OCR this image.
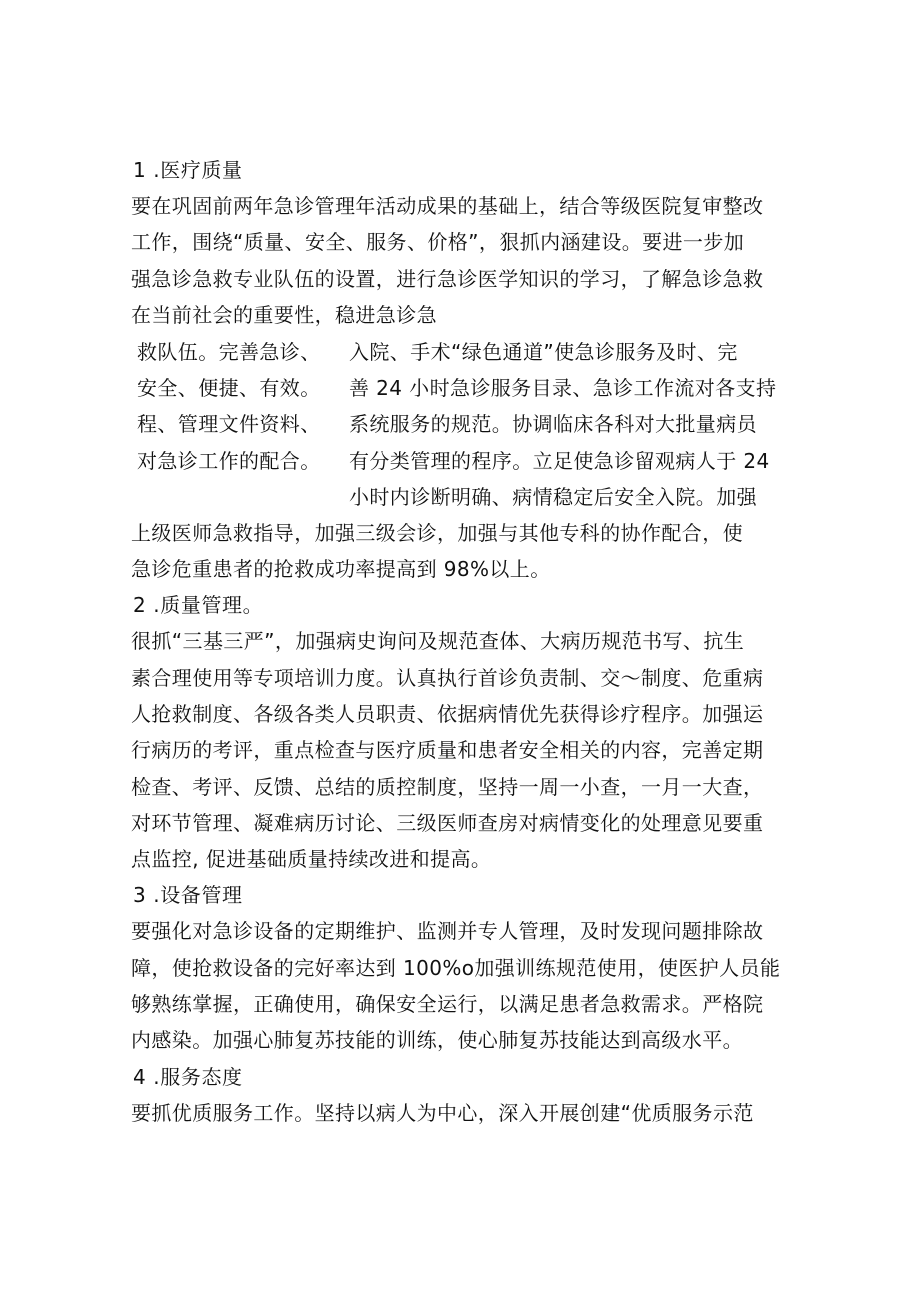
1 .医疗质量
要在巩固前两年急诊管理年活动成果的基础上，结合等级医院复审整改
工作，围绕“质量、安全、服务、价格”，狠抓内涵建设。要进一步加
强急诊急救专业队伍的设置，进行急诊医学知识的学习，了解急诊急救
在当前社会的重要性，稳进急诊急
救队伍。完善急诊、
安全、便捷、有效。
程、管理文件资料、
对急诊工作的配合。
入院、手术“绿色通道”使急诊服务及时、完
善 24 小时急诊服务目录、急诊工作流对各支持
系统服务的规范。协调临床各科对大批量病员
有分类管理的程序。立足使急诊留观病人于 24
小时内诊断明确、病情稳定后安全入院。加强
上级医师急救指导，加强三级会诊，加强与其他专科的协作配合，使
急诊危重患者的抢救成功率提高到 98%以上。
2 .质量管理。
很抓“三基三严”，加强病史询问及规范查体、大病历规范书写、抗生
素合理使用等专项培训力度。认真执行首诊负责制、交～制度、危重病
人抢救制度、各级各类人员职责、依据病情优先获得诊疗程序。加强运
行病历的考评，重点检查与医疗质量和患者安全相关的内容，完善定期
检查、考评、反馈、总结的质控制度，坚持一周一小查，一月一大查，
对环节管理、凝难病历讨论、三级医师查房对病情变化的处理意见要重
点监控, 促进基础质量持续改进和提高。
3 .设备管理
要强化对急诊设备的定期维护、监测并专人管理，及时发现问题排除故
障，使抢救设备的完好率达到 100%o加强训练规范使用，使医护人员能
够熟练掌握，正确使用，确保安全运行，以满足患者急救需求。严格院
内感染。加强心肺复苏技能的训练，使心肺复苏技能达到高级水平。
4 .服务态度
要抓优质服务工作。坚持以病人为中心，深入开展创建“优质服务示范
